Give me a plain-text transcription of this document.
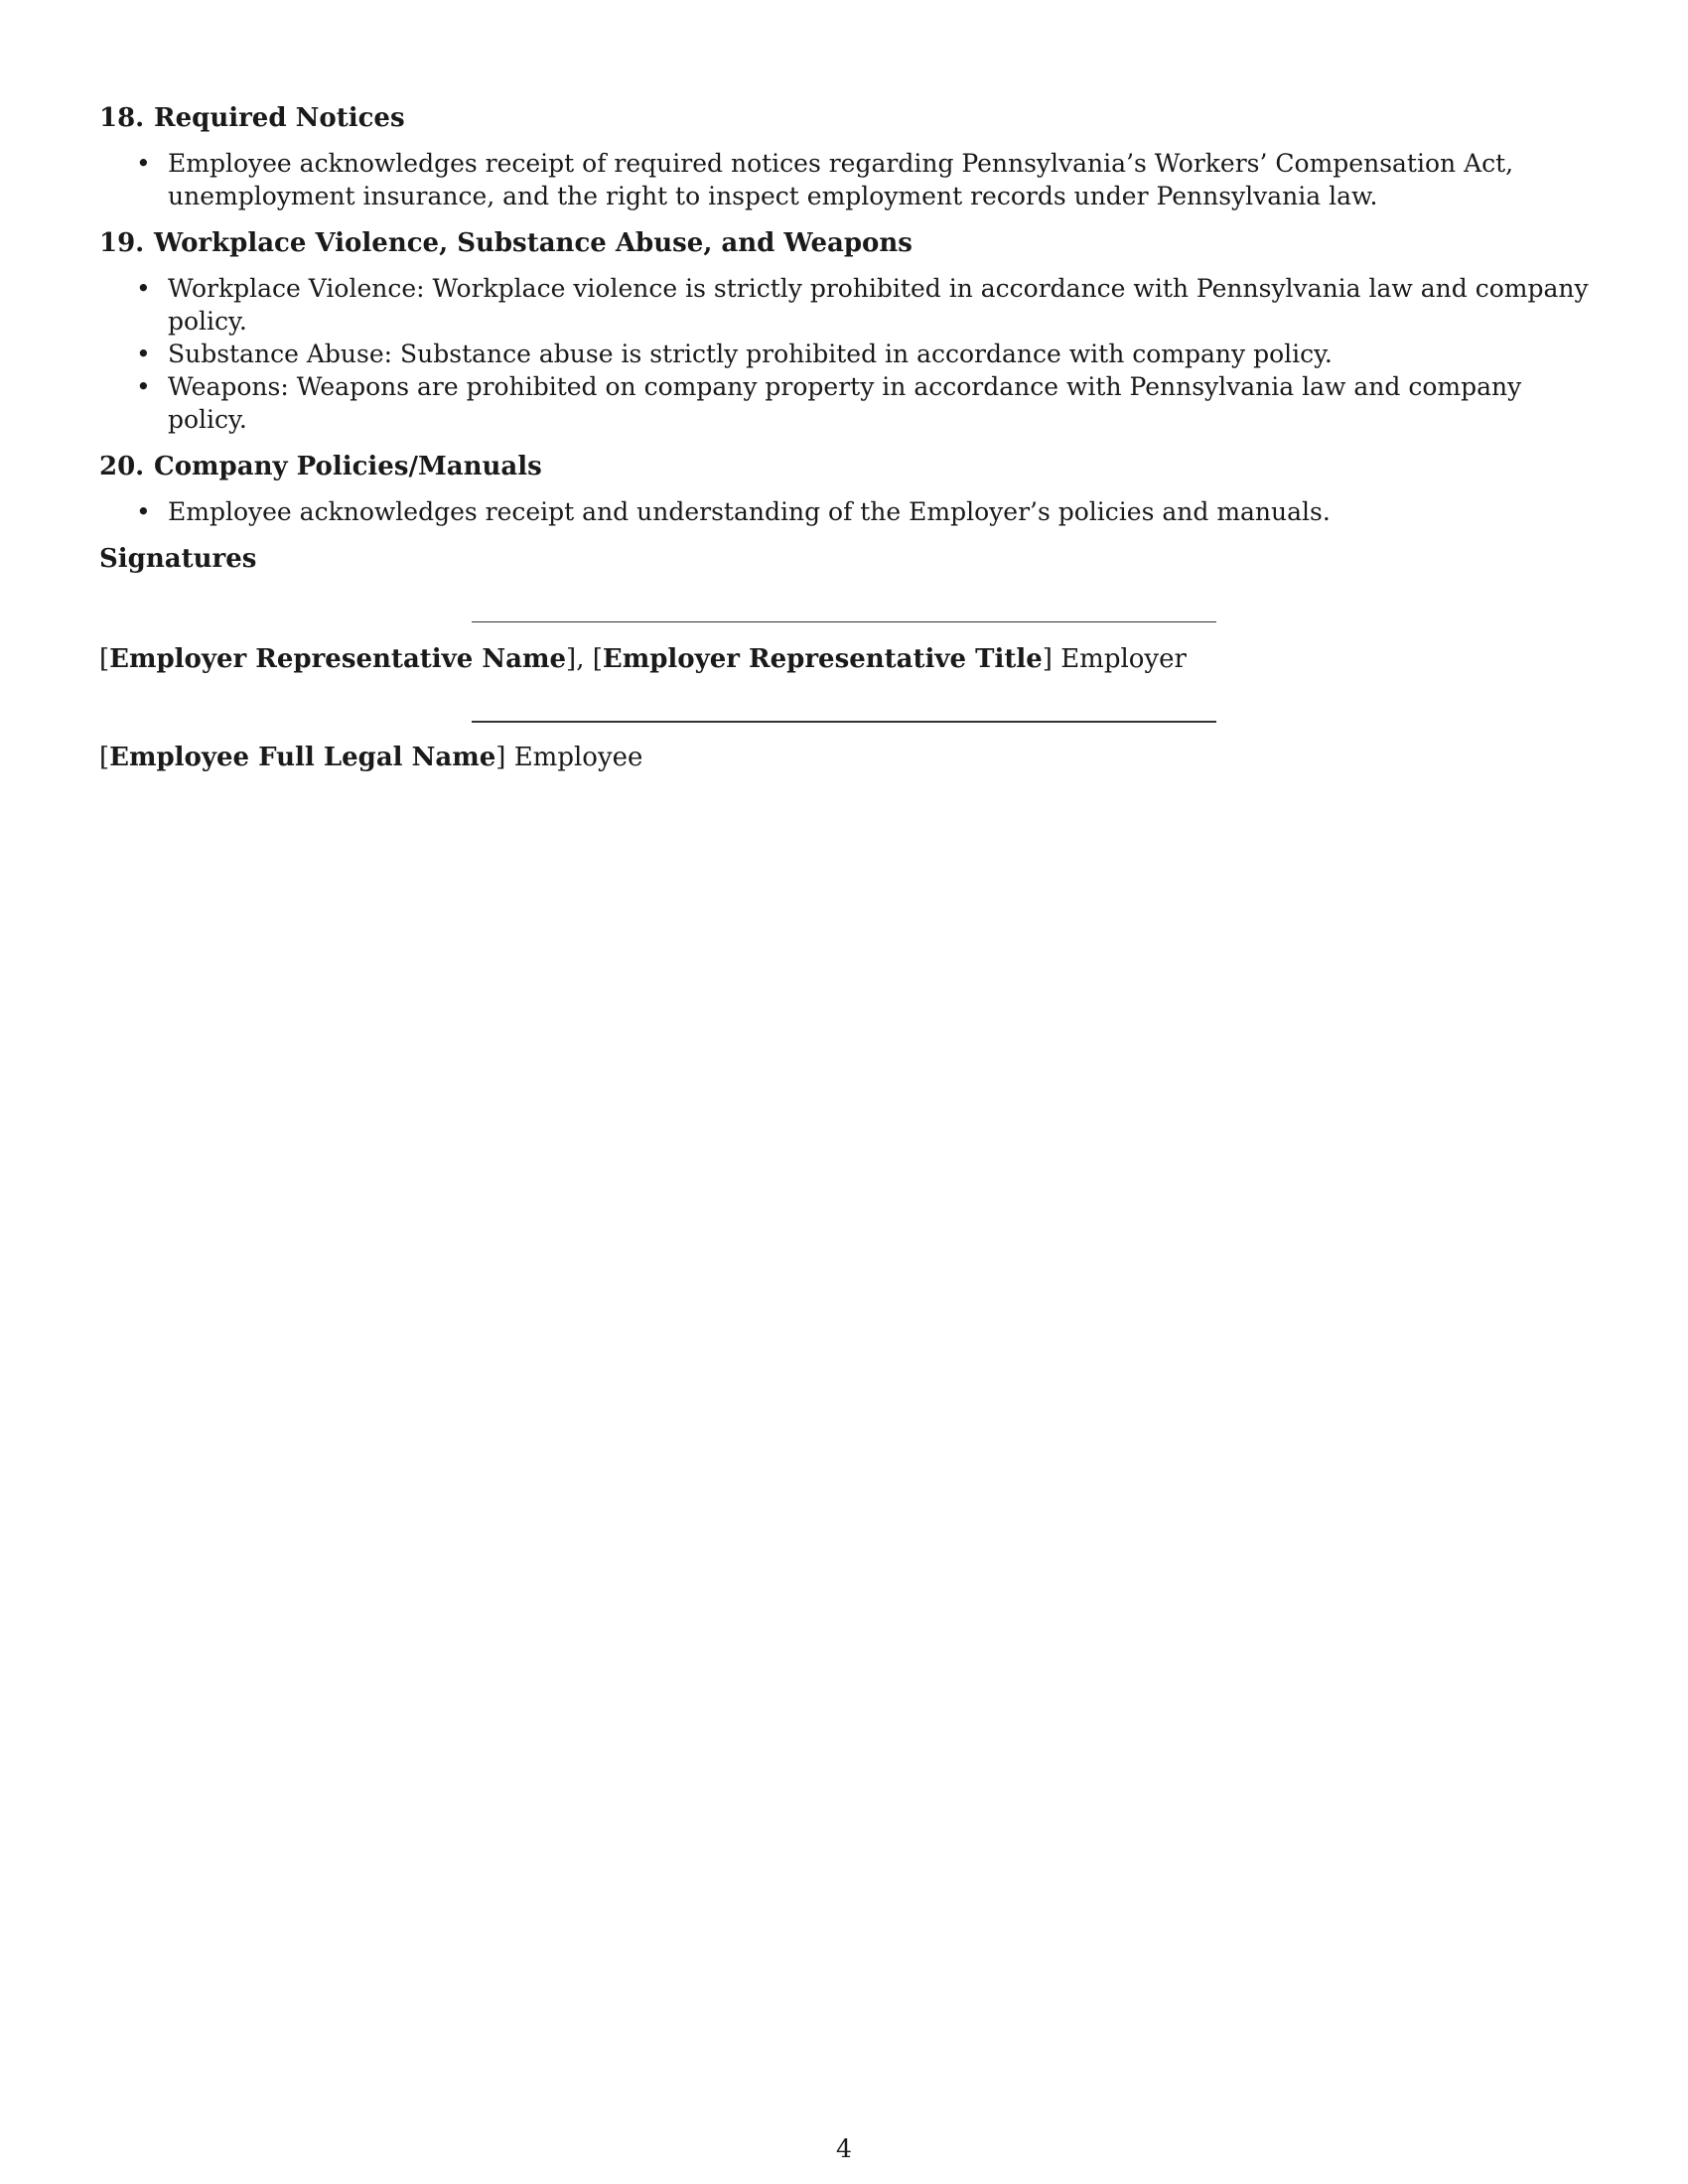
18. Required Notices
• Employee acknowledges receipt of required notices regarding Pennsylvania’s Workers’ Compensation Act, unemployment insurance, and the right to inspect employment records under Pennsylvania law.
19. Workplace Violence, Substance Abuse, and Weapons
• Workplace Violence: Workplace violence is strictly prohibited in accordance with Pennsylvania law and company policy.
• Substance Abuse: Substance abuse is strictly prohibited in accordance with company policy.
• Weapons: Weapons are prohibited on company property in accordance with Pennsylvania law and company policy.
20. Company Policies/Manuals
• Employee acknowledges receipt and understanding of the Employer’s policies and manuals.
Signatures
[Employer Representative Name], [Employer Representative Title] Employer
[Employee Full Legal Name] Employee
4
